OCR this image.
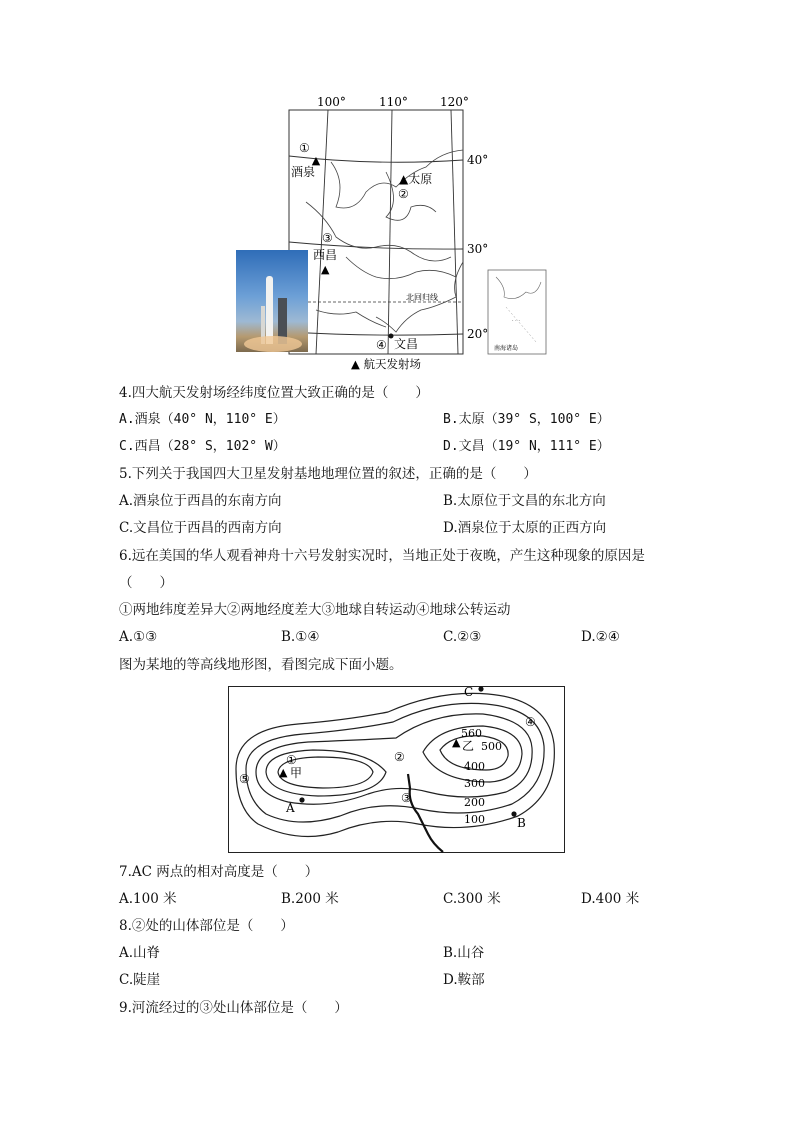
100°	110°	120°
40°
30°
20°
①
▲
酒泉	▲太原
②
③
西昌
▲
北回归线
④ 文昌
· · ·
南海诸岛
▲ 航天发射场
4.四大航天发射场经纬度位置大致正确的是（　　）
A.酒泉（40° N，110° E）	B.太原（39° S，100° E）
C.西昌（28° S，102° W）	D.文昌（19° N，111° E）
5.下列关于我国四大卫星发射基地地理位置的叙述，正确的是（　　）
A.酒泉位于西昌的东南方向	B.太原位于文昌的东北方向
C.文昌位于西昌的西南方向	D.酒泉位于太原的正西方向
6.远在美国的华人观看神舟十六号发射实况时，当地正处于夜晚，产生这种现象的原因是
（　　）
①两地纬度差异大②两地经度差大③地球自转运动④地球公转运动
A.①③	B.①④	C.②③	D.②④
图为某地的等高线地形图，看图完成下面小题。
A
B
C
▲ 甲
▲ 乙
560
500
400
300
200
100
①	②
③
④
⑤
7.AC 两点的相对高度是（　　）
A.100 米	B.200 米	C.300 米	D.400 米
8.②处的山体部位是（　　）
A.山脊	B.山谷
C.陡崖	D.鞍部
9.河流经过的③处山体部位是（　　）
